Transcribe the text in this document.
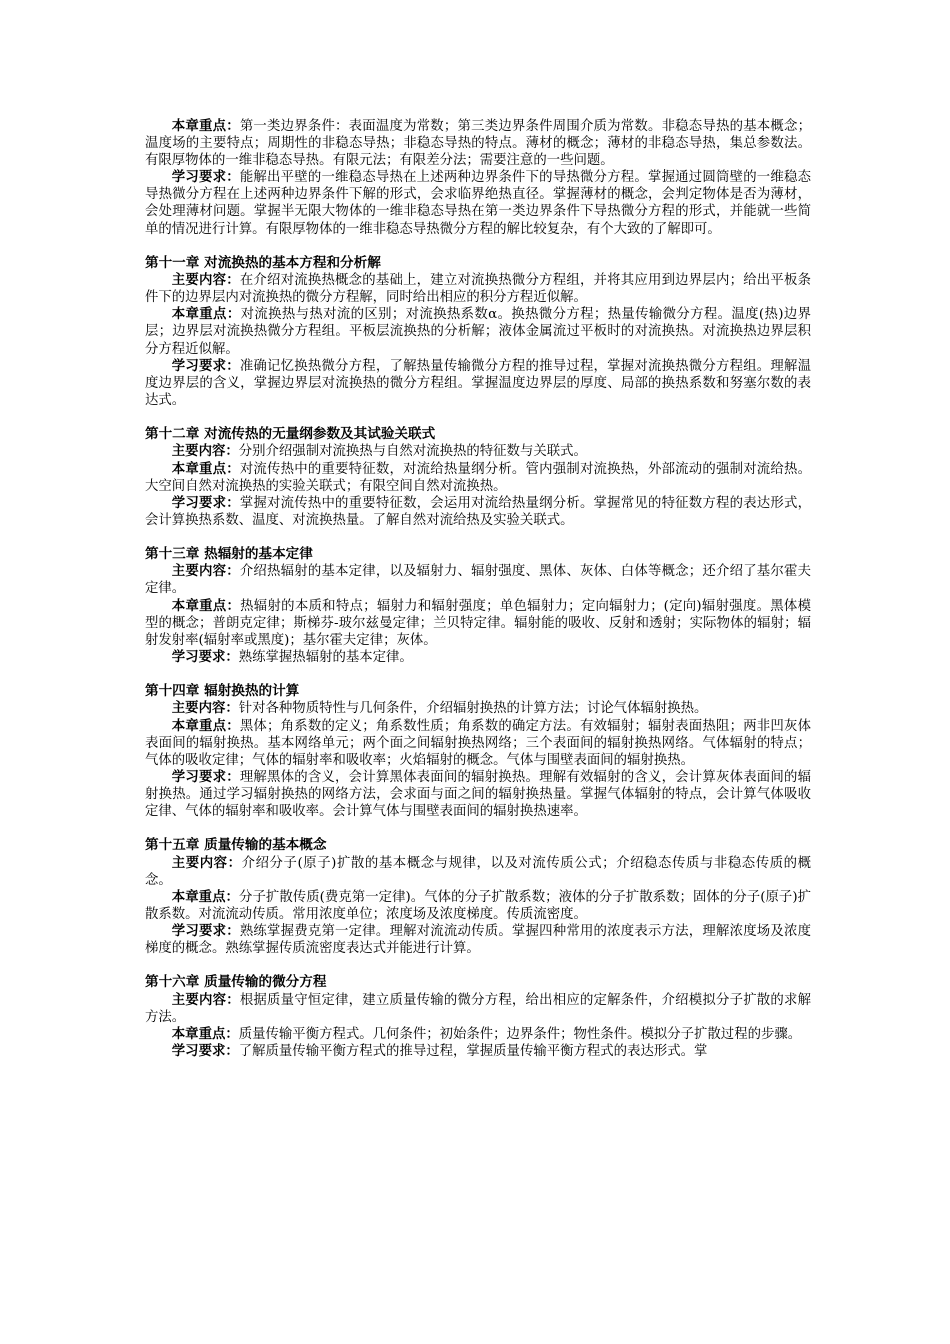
本章重点：第一类边界条件：表面温度为常数；第三类边界条件周围介质为常数。非稳态导热的基本概念；温度场的主要特点；周期性的非稳态导热；非稳态导热的特点。薄材的概念；薄材的非稳态导热，集总参数法。有限厚物体的一维非稳态导热。有限元法；有限差分法；需要注意的一些问题。

学习要求：能解出平壁的一维稳态导热在上述两种边界条件下的导热微分方程。掌握通过圆筒壁的一维稳态导热微分方程在上述两种边界条件下解的形式，会求临界绝热直径。掌握薄材的概念，会判定物体是否为薄材，会处理薄材问题。掌握半无限大物体的一维非稳态导热在第一类边界条件下导热微分方程的形式，并能就一些简单的情况进行计算。有限厚物体的一维非稳态导热微分方程的解比较复杂，有个大致的了解即可。

第十一章 对流换热的基本方程和分析解

主要内容：在介绍对流换热概念的基础上，建立对流换热微分方程组，并将其应用到边界层内；给出平板条件下的边界层内对流换热的微分方程解，同时给出相应的积分方程近似解。

本章重点：对流换热与热对流的区别；对流换热系数α。换热微分方程；热量传输微分方程。温度(热)边界层；边界层对流换热微分方程组。平板层流换热的分析解；液体金属流过平板时的对流换热。对流换热边界层积分方程近似解。

学习要求：准确记忆换热微分方程，了解热量传输微分方程的推导过程，掌握对流换热微分方程组。理解温度边界层的含义，掌握边界层对流换热的微分方程组。掌握温度边界层的厚度、局部的换热系数和努塞尔数的表达式。

第十二章 对流传热的无量纲参数及其试验关联式

主要内容：分别介绍强制对流换热与自然对流换热的特征数与关联式。

本章重点：对流传热中的重要特征数，对流给热量纲分析。管内强制对流换热，外部流动的强制对流给热。大空间自然对流换热的实验关联式；有限空间自然对流换热。

学习要求：掌握对流传热中的重要特征数，会运用对流给热量纲分析。掌握常见的特征数方程的表达形式，会计算换热系数、温度、对流换热量。了解自然对流给热及实验关联式。

第十三章 热辐射的基本定律

主要内容：介绍热辐射的基本定律，以及辐射力、辐射强度、黑体、灰体、白体等概念；还介绍了基尔霍夫定律。

本章重点：热辐射的本质和特点；辐射力和辐射强度；单色辐射力；定向辐射力；(定向)辐射强度。黑体模型的概念；普朗克定律；斯梯芬-玻尔兹曼定律；兰贝特定律。辐射能的吸收、反射和透射；实际物体的辐射；辐射发射率(辐射率或黑度)；基尔霍夫定律；灰体。

学习要求：熟练掌握热辐射的基本定律。

第十四章 辐射换热的计算

主要内容：针对各种物质特性与几何条件，介绍辐射换热的计算方法；讨论气体辐射换热。

本章重点：黑体；角系数的定义；角系数性质；角系数的确定方法。有效辐射；辐射表面热阻；两非凹灰体表面间的辐射换热。基本网络单元；两个面之间辐射换热网络；三个表面间的辐射换热网络。气体辐射的特点；气体的吸收定律；气体的辐射率和吸收率；火焰辐射的概念。气体与围壁表面间的辐射换热。

学习要求：理解黑体的含义，会计算黑体表面间的辐射换热。理解有效辐射的含义，会计算灰体表面间的辐射换热。通过学习辐射换热的网络方法，会求面与面之间的辐射换热量。掌握气体辐射的特点，会计算气体吸收定律、气体的辐射率和吸收率。会计算气体与围壁表面间的辐射换热速率。

第十五章 质量传输的基本概念

主要内容：介绍分子(原子)扩散的基本概念与规律，以及对流传质公式；介绍稳态传质与非稳态传质的概念。

本章重点：分子扩散传质(费克第一定律)。气体的分子扩散系数；液体的分子扩散系数；固体的分子(原子)扩散系数。对流流动传质。常用浓度单位；浓度场及浓度梯度。传质流密度。

学习要求：熟练掌握费克第一定律。理解对流流动传质。掌握四种常用的浓度表示方法，理解浓度场及浓度梯度的概念。熟练掌握传质流密度表达式并能进行计算。

第十六章 质量传输的微分方程

主要内容：根据质量守恒定律，建立质量传输的微分方程，给出相应的定解条件，介绍模拟分子扩散的求解方法。

本章重点：质量传输平衡方程式。几何条件；初始条件；边界条件；物性条件。模拟分子扩散过程的步骤。

学习要求：了解质量传输平衡方程式的推导过程，掌握质量传输平衡方程式的表达形式。掌
